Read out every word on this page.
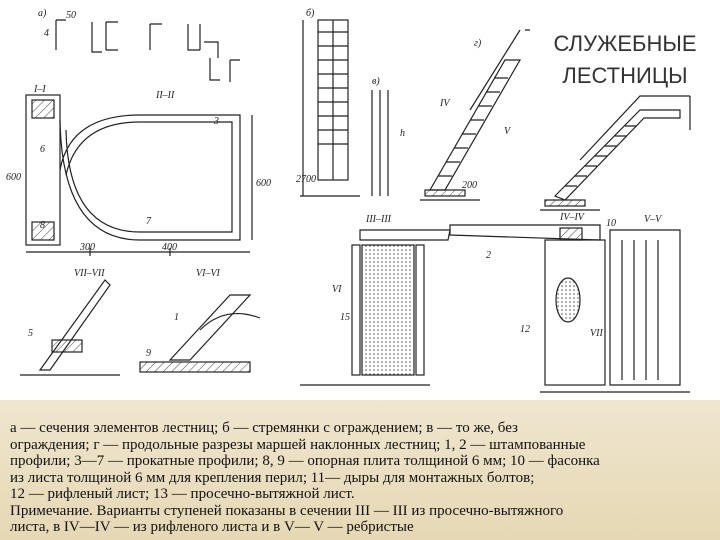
а)	б)
в)
г)
I–I
II–II
III–III	IV–IV	V–V
VI–VI
VII–VII
300	400
600
600	2700
200
50
1
2
3
4
5
6
7
8
9
10
12
15
h
IV
V
VI
VII
СЛУЖЕБНЫЕ
ЛЕСТНИЦЫ

а — сечения элементов лестниц; б — стремянки с ограждением; в — то же, без

ограждения; г — продольные разрезы маршей наклонных лестниц; 1, 2 — штампованные

профили; 3—7 — прокатные профили; 8, 9 — опорная плита толщиной 6 мм; 10 — фасонка

из листа толщиной 6 мм для крепления перил; 11— дыры для монтажных болтов;

12 — рифленый лист; 13 — просечно-вытяжной лист.

Примечание. Варианты ступеней показаны в сечении III — III из просечно-вытяжного

листа, в IV—IV — из рифленого листа и в V— V — ребристые
